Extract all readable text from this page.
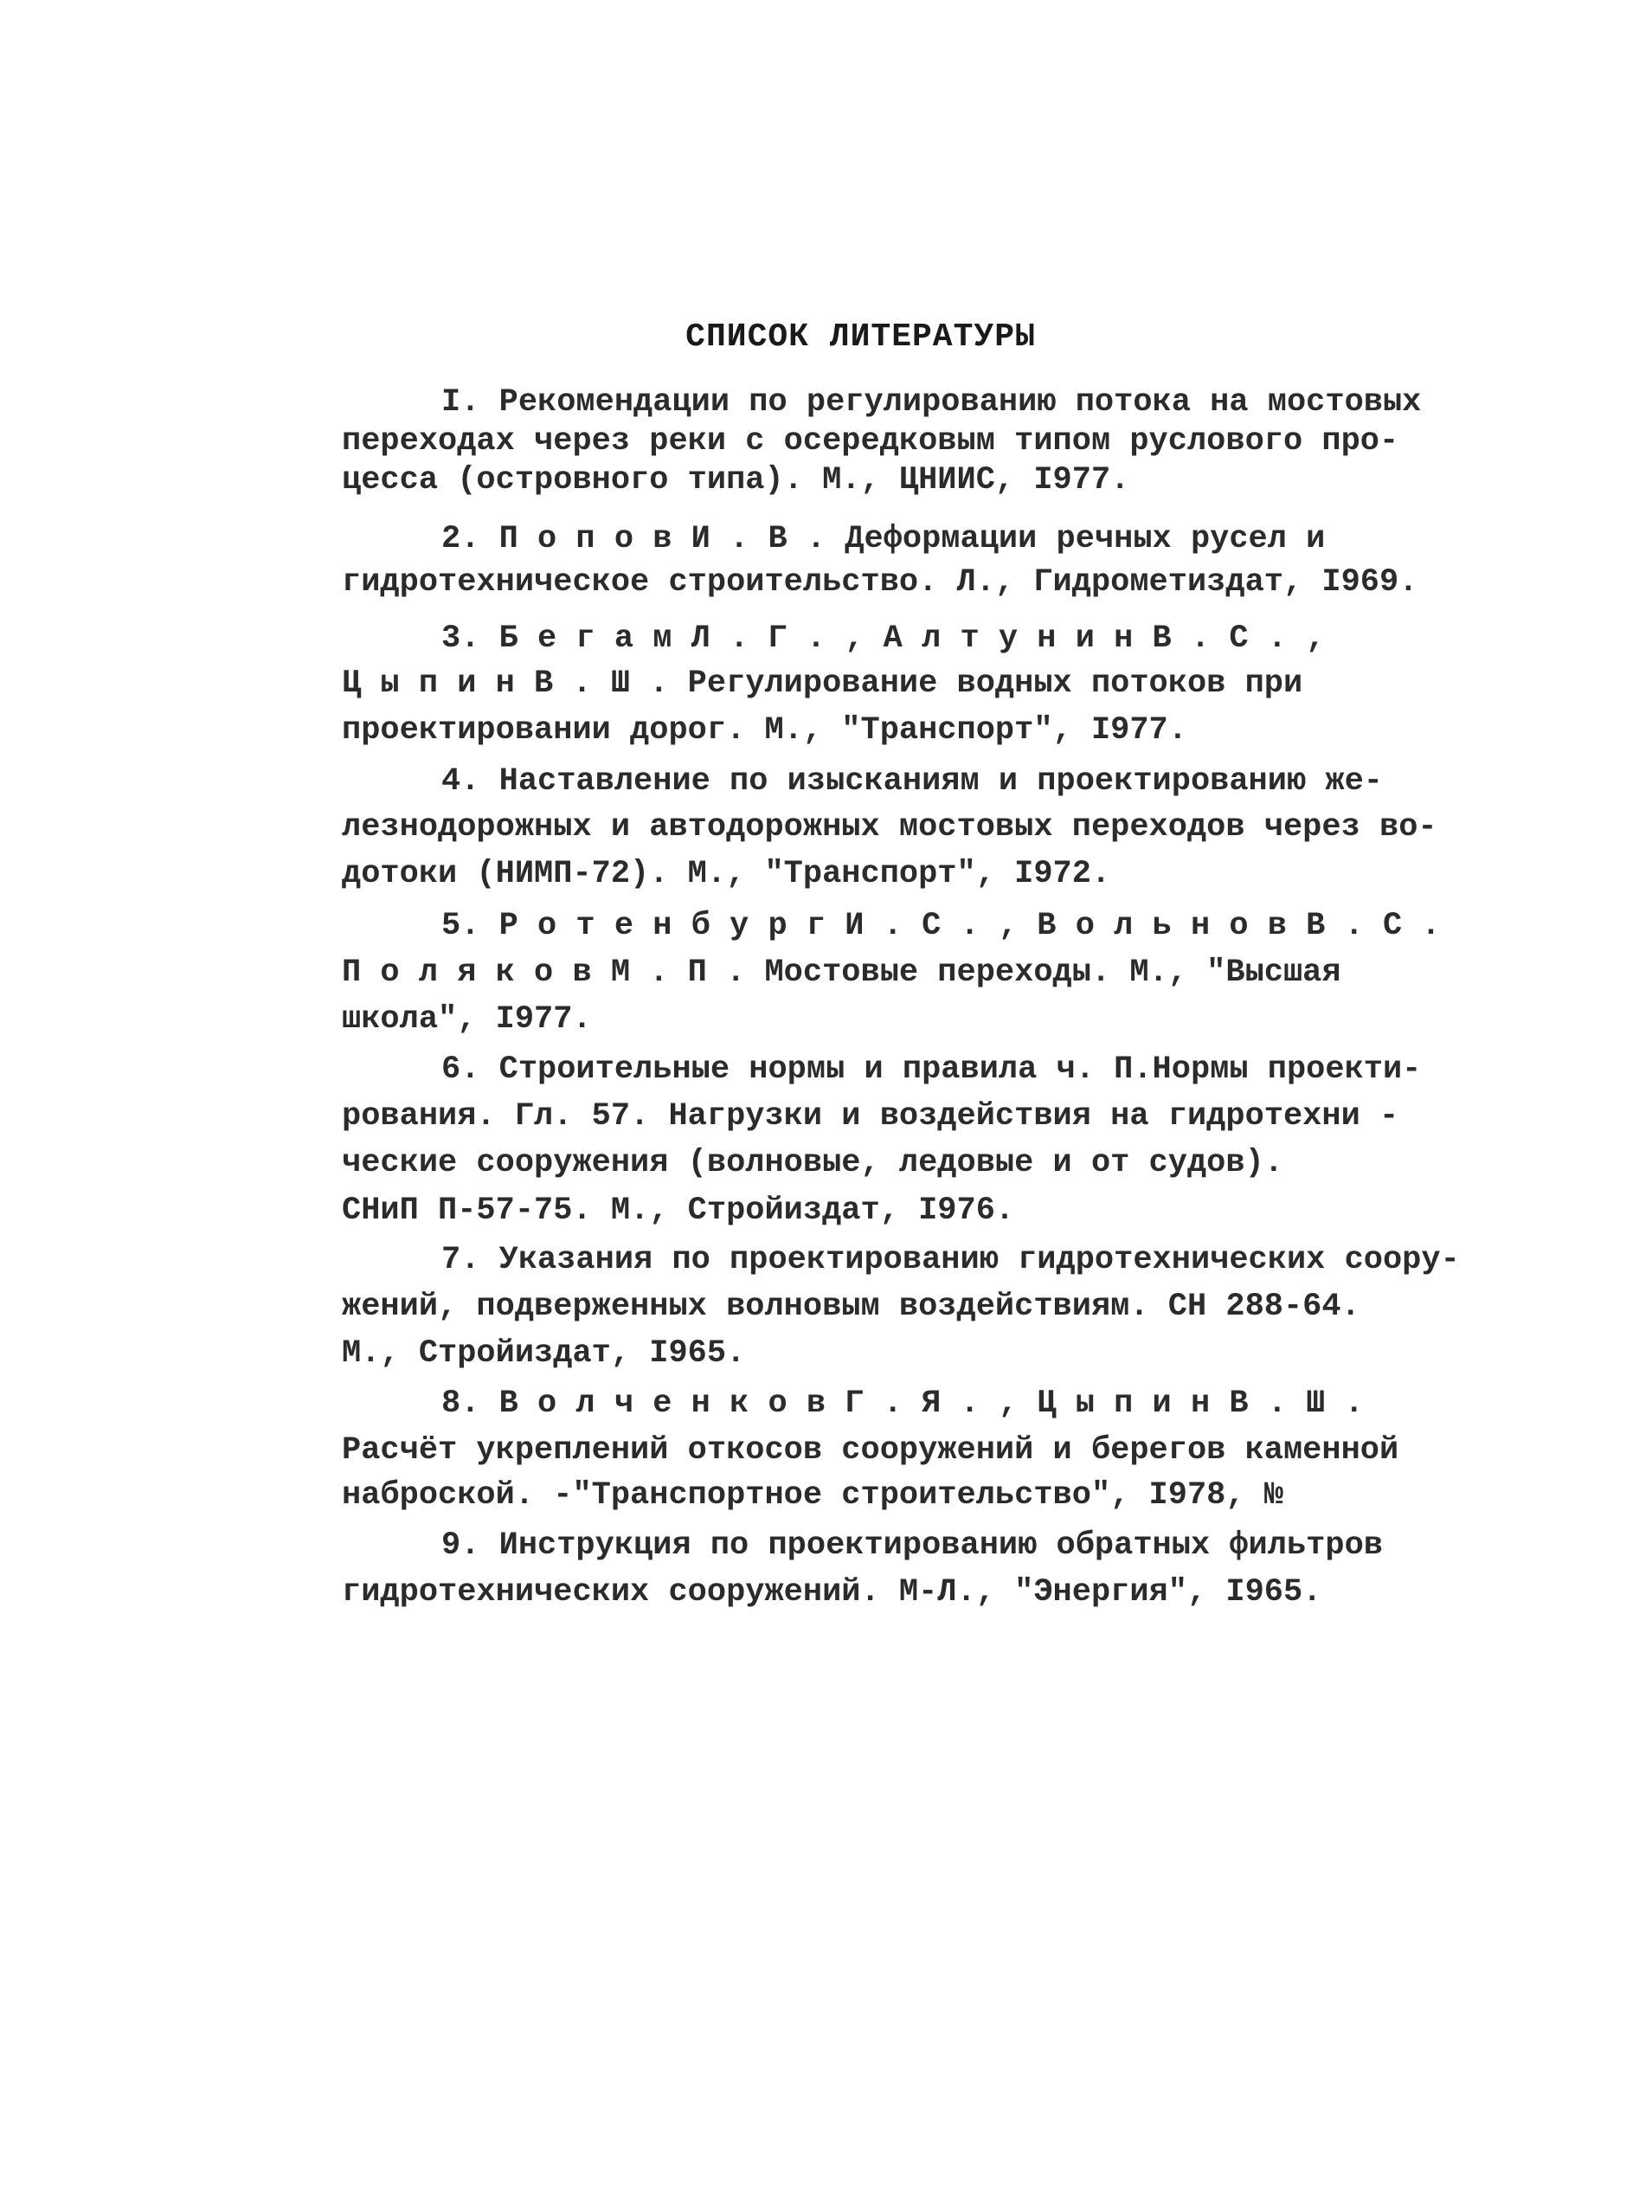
СПИСОК ЛИТЕРАТУРЫ
I. Рекомендации по регулированию потока на мостовых
переходах через реки с осередковым типом руслового про-
цесса (островного типа). М., ЦНИИС, I977.
2. П о п о в И . В . Деформации речных русел и
гидротехническое строительство. Л., Гидрометиздат, I969.
3. Б е г а м Л . Г . , А л т у н и н В . С . ,
Ц ы п и н В . Ш . Регулирование водных потоков при
проектировании дорог. М., "Транспорт", I977.
4. Наставление по изысканиям и проектированию же-
лезнодорожных и автодорожных мостовых переходов через во-
дотоки (НИМП-72). М., "Транспорт", I972.
5. Р о т е н б у р г И . С . , В о л ь н о в В . С .
П о л я к о в М . П . Мостовые переходы. М., "Высшая
школа", I977.
6. Строительные нормы и правила ч. П.Нормы проекти-
рования. Гл. 57. Нагрузки и воздействия на гидротехни -
ческие сооружения (волновые, ледовые и от судов).
СНиП П-57-75. М., Стройиздат, I976.
7. Указания по проектированию гидротехнических соору-
жений, подверженных волновым воздействиям. СН 288-64.
М., Стройиздат, I965.
8. В о л ч е н к о в Г . Я . , Ц ы п и н В . Ш .
Расчёт укреплений откосов сооружений и берегов каменной
наброской. -"Транспортное строительство", I978, №
9. Инструкция по проектированию обратных фильтров
гидротехнических сооружений. М-Л., "Энергия", I965.
